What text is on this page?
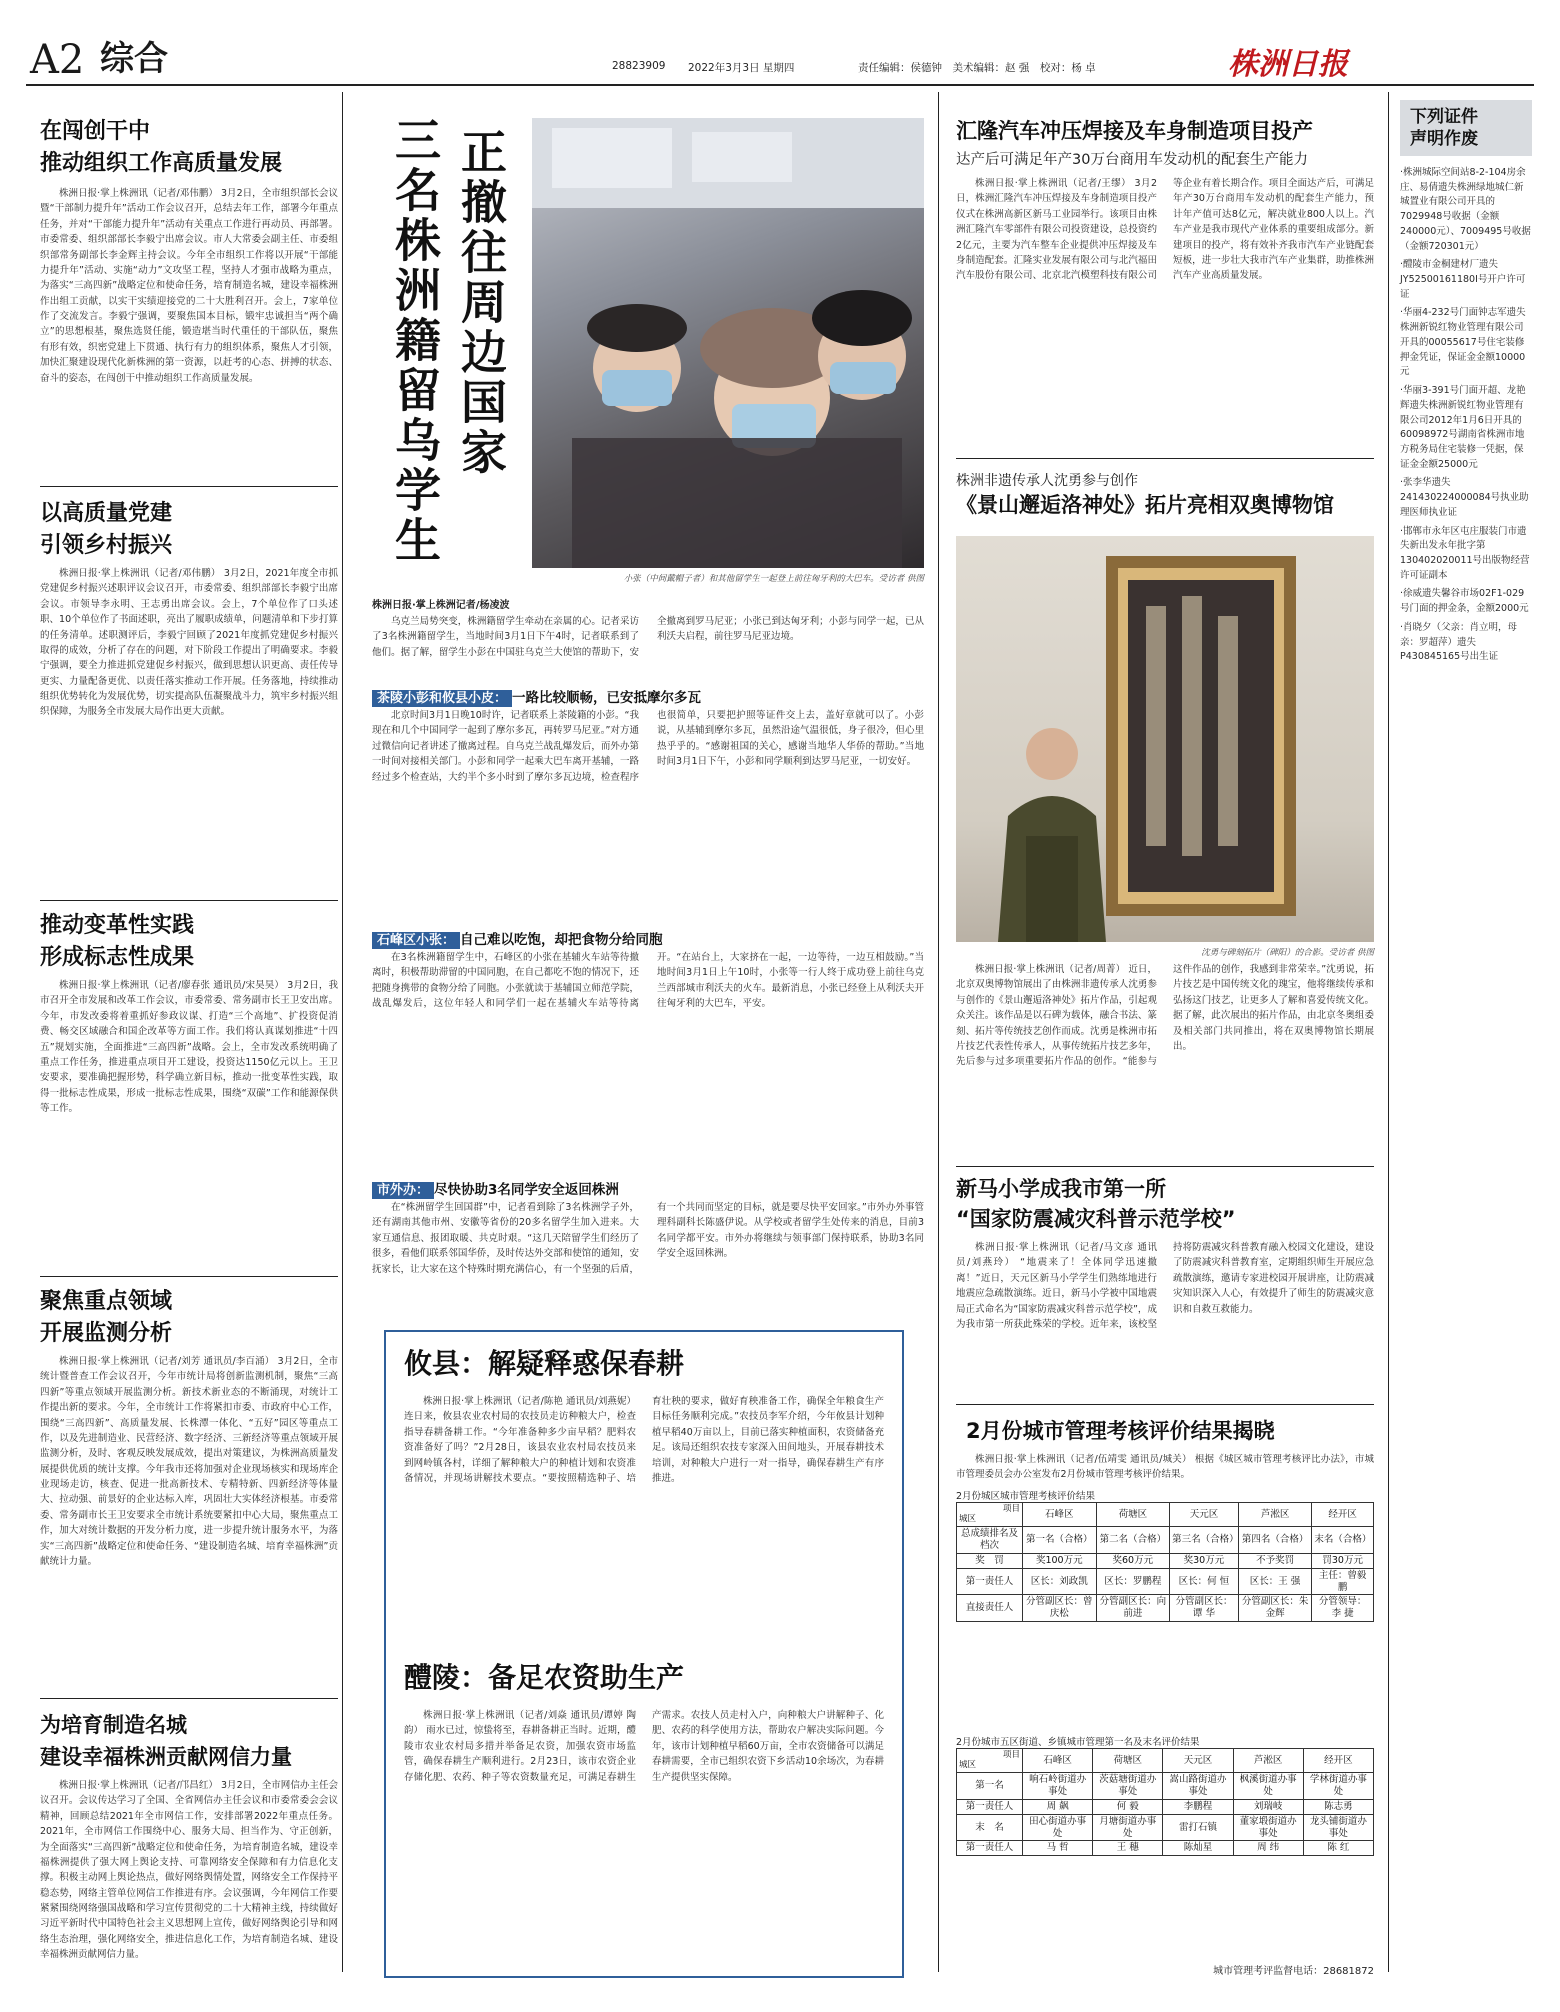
A2 综合	28823909 2022年3月3日 星期四	责任编辑：侯德钟　美术编辑：赵 强　校对：杨 卓	株洲日报
在闯创干中
推动组织工作高质量发展
株洲日报·掌上株洲讯（记者/邓伟鹏） 3月2日，全市组织部长会议暨“干部制力提升年”活动工作会议召开，总结去年工作，部署今年重点任务，并对“干部能力提升年”活动有关重点工作进行再动员、再部署。市委常委、组织部部长李毅宁出席会议。市人大常委会副主任、市委组织部常务副部长李金辉主持会议。今年全市组织工作将以开展“干部能力提升年”活动、实施“动力”文攻坚工程，坚持人才强市战略为重点，为落实“三高四新”战略定位和使命任务，培育制造名城，建设幸福株洲作出组工贡献，以实干实绩迎接党的二十大胜利召开。会上，7家单位作了交流发言。李毅宁强调，要聚焦国本目标，锻牢忠诚担当“两个确立”的思想根基，聚焦选贤任能，锻造堪当时代重任的干部队伍，聚焦有形有效，织密党建上下贯通、执行有力的组织体系，聚焦人才引领，加快汇聚建设现代化新株洲的第一资源，以赶考的心态、拼搏的状态、奋斗的姿态，在闯创干中推动组织工作高质量发展。
以高质量党建
引领乡村振兴
株洲日报·掌上株洲讯（记者/邓伟鹏） 3月2日，2021年度全市抓党建促乡村振兴述职评议会议召开，市委常委、组织部部长李毅宁出席会议。市领导李永明、王志勇出席会议。会上，7个单位作了口头述职、10个单位作了书面述职，亮出了履职成绩单，问题清单和下步打算的任务清单。述职测评后，李毅宁回顾了2021年度抓党建促乡村振兴取得的成效，分析了存在的问题，对下阶段工作提出了明确要求。李毅宁强调，要全力推进抓党建促乡村振兴，做到思想认识更高、责任传导更实、力量配备更优、以责任落实推动工作开展。任务落地，持续推动组织优势转化为发展优势，切实提高队伍凝聚战斗力，筑牢乡村振兴组织保障，为服务全市发展大局作出更大贡献。
推动变革性实践
形成标志性成果
株洲日报·掌上株洲讯（记者/廖春张 通讯员/宋昊昊） 3月2日，我市召开全市发展和改革工作会议，市委常委、常务副市长王卫安出席。今年，市发改委将着重抓好参政议谋、打造“三个高地”、扩投资促消费、畅交区域融合和国企改革等方面工作。我们将认真谋划推进“十四五”规划实施，全面推进“三高四新”战略。会上，全市发改系统明确了重点工作任务，推进重点项目开工建设，投资达1150亿元以上。王卫安要求，要准确把握形势，科学确立新目标，推动一批变革性实践，取得一批标志性成果，形成一批标志性成果，围绕“双碳”工作和能源保供等工作。
聚焦重点领域
开展监测分析
株洲日报·掌上株洲讯（记者/刘芳 通讯员/李百涌） 3月2日，全市统计暨普查工作会议召开，今年市统计局将创新监测机制，聚焦“三高四新”等重点领域开展监测分析。新技术新业态的不断涌现，对统计工作提出新的要求。今年，全市统计工作将紧扣市委、市政府中心工作，围绕“三高四新”、高质量发展、长株潭一体化、“五好”园区等重点工作，以及先进制造业、民营经济、数字经济、三新经济等重点领域开展监测分析，及时、客观反映发展成效，提出对策建议，为株洲高质量发展提供优质的统计支撑。今年我市还将加强对企业现场核实和现场库企业现场走访，核查、促进一批高新技术、专精特新、四新经济等体量大、拉动强、前景好的企业达标入库，巩固壮大实体经济根基。市委常委、常务副市长王卫安要求全市统计系统要紧扣中心大局，聚焦重点工作，加大对统计数据的开发分析力度，进一步提升统计服务水平，为落实“三高四新”战略定位和使命任务、“建设制造名城、培育幸福株洲”贡献统计力量。
为培育制造名城
建设幸福株洲贡献网信力量
株洲日报·掌上株洲讯（记者/邝昌红） 3月2日，全市网信办主任会议召开。会议传达学习了全国、全省网信办主任会议和市委常委会会议精神，回顾总结2021年全市网信工作，安排部署2022年重点任务。2021年，全市网信工作围绕中心、服务大局、担当作为、守正创新，为全面落实“三高四新”战略定位和使命任务，为培育制造名城，建设幸福株洲提供了强大网上舆论支持、可靠网络安全保障和有力信息化支撑。积极主动网上舆论热点，做好网络舆情处置，网络安全工作保持平稳态势，网络主管单位网信工作推进有序。会议强调，今年网信工作要紧紧围绕网络强国战略和学习宣传贯彻党的二十大精神主线，持续做好习近平新时代中国特色社会主义思想网上宣传，做好网络舆论引导和网络生态治理，强化网络安全，推进信息化工作，为培育制造名城、建设幸福株洲贡献网信力量。
正撤往周边国家
三名株洲籍留乌学生
小张（中间戴帽子者）和其他留学生一起登上前往匈牙利的大巴车。受访者 供图
株洲日报·掌上株洲记者/杨凌波
乌克兰局势突变，株洲籍留学生牵动在亲属的心。记者采访了3名株洲籍留学生，当地时间3月1日下午4时，记者联系到了他们。据了解，留学生小彭在中国驻乌克兰大使馆的帮助下，安全撤离到罗马尼亚；小张已到达匈牙利；小彭与同学一起，已从利沃夫启程，前往罗马尼亚边境。
茶陵小彭和攸县小皮： 一路比较顺畅，已安抵摩尔多瓦
北京时间3月1日晚10时许，记者联系上茶陵籍的小彭。“我现在和几个中国同学一起到了摩尔多瓦，再转罗马尼亚。”对方通过微信向记者讲述了撤离过程。自乌克兰战乱爆发后，而外办第一时间对接相关部门。小彭和同学一起乘大巴车离开基辅，一路经过多个检查站，大约半个多小时到了摩尔多瓦边境，检查程序也很简单，只要把护照等证件交上去，盖好章就可以了。小彭说，从基辅到摩尔多瓦，虽然沿途气温很低，身子很冷，但心里热乎乎的。“感谢祖国的关心，感谢当地华人华侨的帮助。”当地时间3月1日下午，小彭和同学顺利到达罗马尼亚，一切安好。
石峰区小张： 自己难以吃饱，却把食物分给同胞
在3名株洲籍留学生中，石峰区的小张在基辅火车站等待撤离时，积极帮助滞留的中国同胞，在自己都吃不饱的情况下，还把随身携带的食物分给了同胞。小张就读于基辅国立师范学院，战乱爆发后，这位年轻人和同学们一起在基辅火车站等待离开。“在站台上，大家挤在一起，一边等待，一边互相鼓励。”当地时间3月1日上午10时，小张等一行人终于成功登上前往乌克兰西部城市利沃夫的火车。最新消息，小张已经登上从利沃夫开往匈牙利的大巴车，平安。
市外办： 尽快协助3名同学安全返回株洲
在“株洲留学生回国群”中，记者看到除了3名株洲学子外，还有湖南其他市州、安徽等省份的20多名留学生加入进来。大家互通信息、报团取暖、共克时艰。“这几天陪留学生们经历了很多，看他们联系邻国华侨，及时传达外交部和使馆的通知，安抚家长，让大家在这个特殊时期充满信心，有一个坚强的后盾，有一个共同而坚定的目标，就是要尽快平安回家。”市外办外事管理科副科长陈盛伊说。从学校或者留学生处传来的消息，目前3名同学都平安。市外办将继续与领事部门保持联系，协助3名同学安全返回株洲。
攸县：解疑释惑保春耕
株洲日报·掌上株洲讯（记者/陈艳 通讯员/刘燕妮） 连日来，攸县农业农村局的农技员走访种粮大户，检查指导春耕备耕工作。“今年准备种多少亩早稻？肥料农资准备好了吗？”2月28日，该县农业农村局农技员来到网岭镇各村，详细了解种粮大户的种植计划和农资准备情况，并现场讲解技术要点。“要按照精选种子、培育壮秧的要求，做好育秧准备工作，确保全年粮食生产目标任务顺利完成。”农技员李军介绍，今年攸县计划种植早稻40万亩以上，目前已落实种植面积，农资储备充足。该局还组织农技专家深入田间地头，开展春耕技术培训，对种粮大户进行一对一指导，确保春耕生产有序推进。
醴陵：备足农资助生产
株洲日报·掌上株洲讯（记者/刘焱 通讯员/谭婷 陶韵） 雨水已过，惊蛰将至，春耕备耕正当时。近期，醴陵市农业农村局多措并举备足农资，加强农资市场监管，确保春耕生产顺利进行。2月23日，该市农资企业存储化肥、农药、种子等农资数量充足，可满足春耕生产需求。农技人员走村入户，向种粮大户讲解种子、化肥、农药的科学使用方法，帮助农户解决实际问题。今年，该市计划种植早稻60万亩，全市农资储备可以满足春耕需要，全市已组织农资下乡活动10余场次，为春耕生产提供坚实保障。
汇隆汽车冲压焊接及车身制造项目投产
达产后可满足年产30万台商用车发动机的配套生产能力
株洲日报·掌上株洲讯（记者/王缪） 3月2日，株洲汇隆汽车冲压焊接及车身制造项目投产仪式在株洲高新区新马工业园举行。该项目由株洲汇隆汽车零部件有限公司投资建设，总投资约2亿元，主要为汽车整车企业提供冲压焊接及车身制造配套。汇隆实业发展有限公司与北汽福田汽车股份有限公司、北京北汽模塑科技有限公司等企业有着长期合作。项目全面达产后，可满足年产30万台商用车发动机的配套生产能力，预计年产值可达8亿元，解决就业800人以上。汽车产业是我市现代产业体系的重要组成部分。新建项目的投产，将有效补齐我市汽车产业链配套短板，进一步壮大我市汽车产业集群，助推株洲汽车产业高质量发展。
株洲非遗传承人沈勇参与创作
《景山邂逅洛神处》拓片亮相双奥博物馆
沈勇与碑刻拓片（碑阳）的合影。受访者 供图
株洲日报·掌上株洲讯（记者/周菁） 近日，北京双奥博物馆展出了由株洲非遗传承人沈勇参与创作的《景山邂逅洛神处》拓片作品，引起观众关注。该作品是以石碑为载体，融合书法、篆刻、拓片等传统技艺创作而成。沈勇是株洲市拓片技艺代表性传承人，从事传统拓片技艺多年，先后参与过多项重要拓片作品的创作。“能参与这件作品的创作，我感到非常荣幸。”沈勇说，拓片技艺是中国传统文化的瑰宝，他将继续传承和弘扬这门技艺，让更多人了解和喜爱传统文化。据了解，此次展出的拓片作品，由北京冬奥组委及相关部门共同推出，将在双奥博物馆长期展出。
新马小学成我市第一所
“国家防震减灾科普示范学校”
株洲日报·掌上株洲讯（记者/马文彦 通讯员/刘燕玲） “地震来了！全体同学迅速撤离！”近日，天元区新马小学学生们熟练地进行地震应急疏散演练。近日，新马小学被中国地震局正式命名为“国家防震减灾科普示范学校”，成为我市第一所获此殊荣的学校。近年来，该校坚持将防震减灾科普教育融入校园文化建设，建设了防震减灾科普教育室，定期组织师生开展应急疏散演练，邀请专家进校园开展讲座，让防震减灾知识深入人心，有效提升了师生的防震减灾意识和自救互救能力。
2月份城市管理考核评价结果揭晓
株洲日报·掌上株洲讯（记者/伍靖雯 通讯员/城关） 根据《城区城市管理考核评比办法》，市城市管理委员会办公室发布2月份城市管理考核评价结果。
2月份城区城市管理考核评价结果
项目
城区	石峰区	荷塘区	天元区	芦淞区	经开区
总成绩排名及档次	第一名（合格）	第二名（合格）	第三名（合格）	第四名（合格）	末名（合格）
奖　罚	奖100万元	奖60万元	奖30万元	不予奖罚	罚30万元
第一责任人	区长：刘政凯	区长：罗鹏程	区长：何 恒	区长：王 强	主任：曾毅鹏
直接责任人	分管副区长：曾庆松	分管副区长：向前进	分管副区长：谭 华	分管副区长：朱金辉	分管领导：李 捷
2月份城市五区街道、乡镇城市管理第一名及末名评价结果
项目
城区	石峰区	荷塘区	天元区	芦淞区	经开区
第一名	响石岭街道办事处	茨菇塘街道办事处	嵩山路街道办事处	枫溪街道办事处	学林街道办事处
第一责任人	周 飙	何 毅	李鹏程	刘瑞岐	陈志勇
末　名	田心街道办事处	月塘街道办事处	雷打石镇	董家塅街道办事处	龙头铺街道办事处
第一责任人	马 哲	王 穗	陈灿星	周 纬	陈 红
城市管理考评监督电话：28681872
下列证件
声明作废
·株洲城际空间站8-2-104房余庄、易倩遗失株洲绿地城仁新城置业有限公司开具的7029948号收据（金额240000元）、7009495号收据（金额720301元）
·醴陵市金桐建材厂遗失JY52500161180I号开户许可证
·华丽4-232号门面钟志军遗失株洲新锐红物业管理有限公司开具的00055617号住宅装修押金凭证，保证金金额10000元
·华丽3-391号门面开超、龙艳辉遗失株洲新锐红物业管理有限公司2012年1月6日开具的60098972号湖南省株洲市地方税务局住宅装修一凭据，保证金金额25000元
·张李华遗失241430224000084号执业助理医师执业证
·邯郸市永年区屯庄服装门市遗失新出发永年批字第130402020011号出版物经营许可证副本
·徐威遗失馨谷市场02F1-029号门面的押金条，金额2000元
·肖晓夕（父亲：肖立明，母亲：罗超萍）遗失P430845165号出生证
